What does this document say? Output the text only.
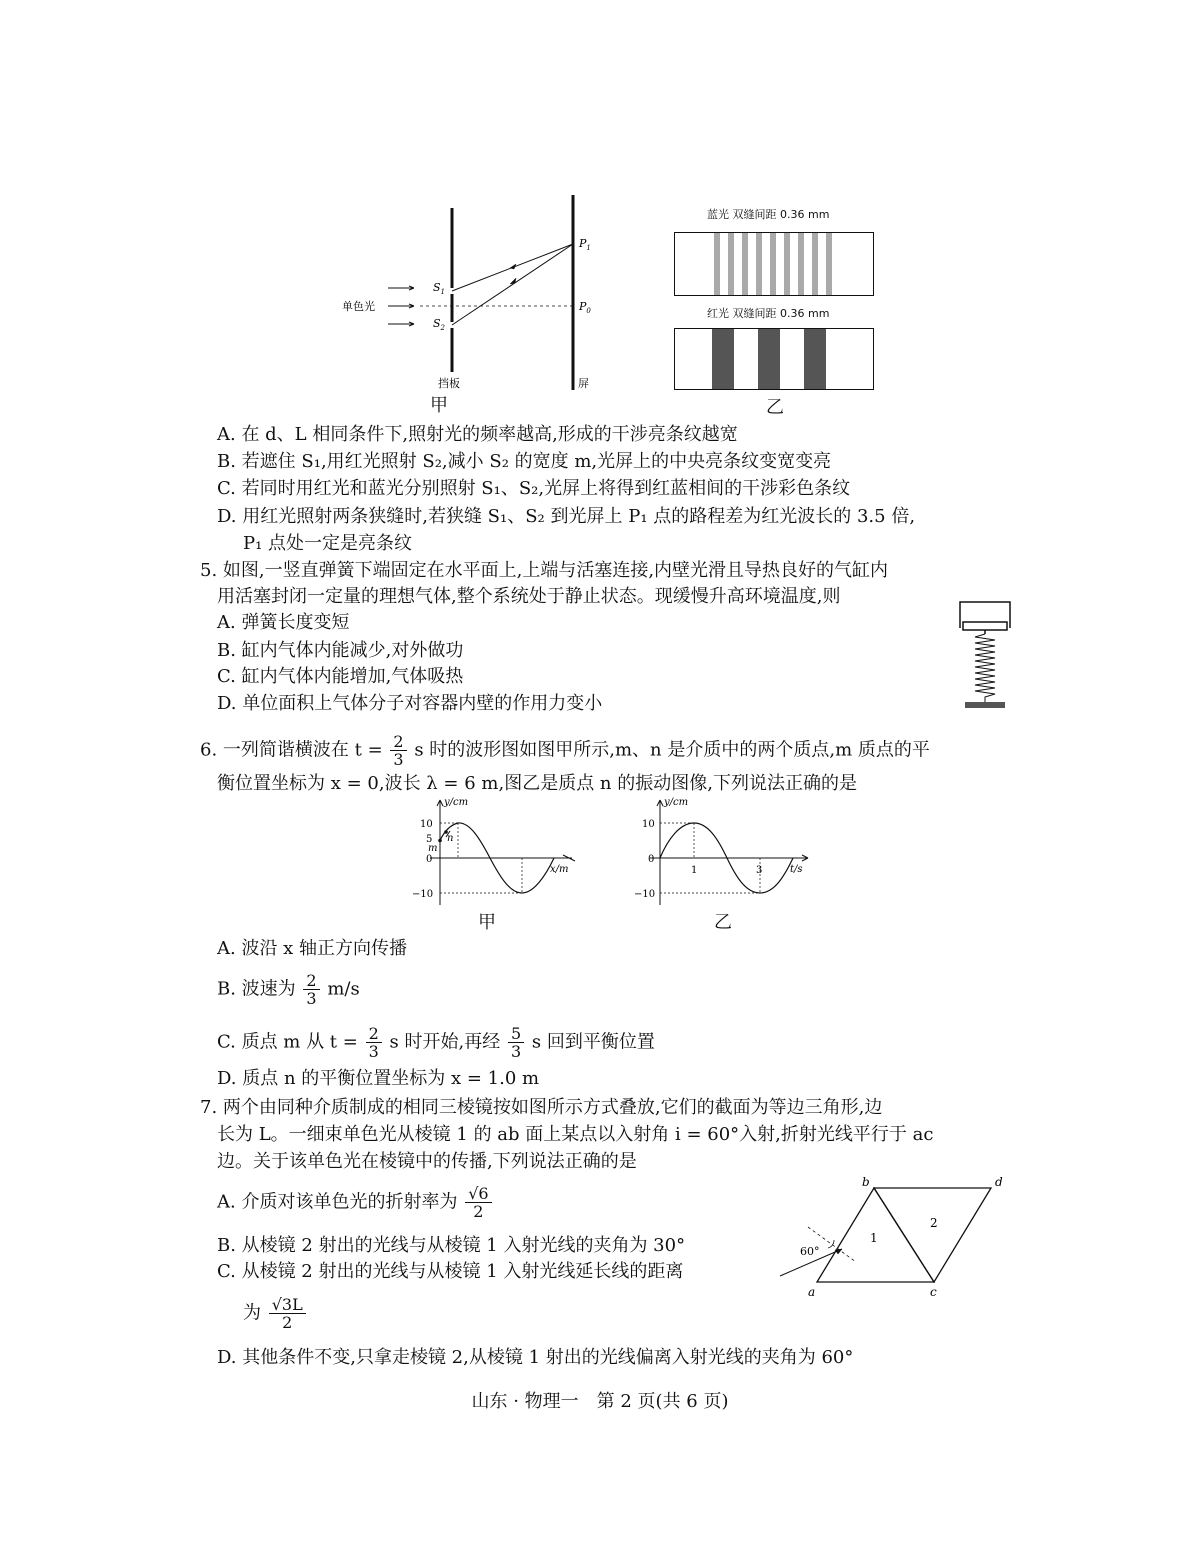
单色光
$S_1$
$S_2$
$P_1$
$P_0$
挡板	屏
甲
蓝光 双缝间距 0.36 mm
红光 双缝间距 0.36 mm
乙
A. 在 d、L 相同条件下,照射光的频率越高,形成的干涉亮条纹越宽
B. 若遮住 S₁,用红光照射 S₂,减小 S₂ 的宽度 m,光屏上的中央亮条纹变宽变亮
C. 若同时用红光和蓝光分别照射 S₁、S₂,光屏上将得到红蓝相间的干涉彩色条纹
D. 用红光照射两条狭缝时,若狭缝 S₁、S₂ 到光屏上 P₁ 点的路程差为红光波长的 3.5 倍,
P₁ 点处一定是亮条纹
5. 如图,一竖直弹簧下端固定在水平面上,上端与活塞连接,内壁光滑且导热良好的气缸内
用活塞封闭一定量的理想气体,整个系统处于静止状态。现缓慢升高环境温度,则
A. 弹簧长度变短
B. 缸内气体内能减少,对外做功
C. 缸内气体内能增加,气体吸热
D. 单位面积上气体分子对容器内壁的作用力变小
6. 一列简谐横波在 $t = \frac{2}{3}$ s 时的波形图如图甲所示,m、n 是介质中的两个质点,m 质点的平
衡位置坐标为 x = 0,波长 λ = 6 m,图乙是质点 n 的振动图像,下列说法正确的是
y/cm
x/m
10
5
0
−10
m
n
甲
y/cm
t/s
10
0
−10
1	3
乙
A. 波沿 x 轴正方向传播
B. 波速为 $\frac{2}{3} m/s$
C. 质点 m 从 $t = \frac{2}{3}$ s 时开始,再经 $\frac{5}{3}$ s 回到平衡位置
D. 质点 n 的平衡位置坐标为 x = 1.0 m
7. 两个由同种介质制成的相同三棱镜按如图所示方式叠放,它们的截面为等边三角形,边
长为 L。一细束单色光从棱镜 1 的 ab 面上某点以入射角 i = 60°入射,折射光线平行于 ac
边。关于该单色光在棱镜中的传播,下列说法正确的是
A. 介质对该单色光的折射率为 $\frac{√6}{2}$
B. 从棱镜 2 射出的光线与从棱镜 1 入射光线的夹角为 30°
C. 从棱镜 2 射出的光线与从棱镜 1 入射光线延长线的距离
为 $\frac{√3L}{2}$
D. 其他条件不变,只拿走棱镜 2,从棱镜 1 射出的光线偏离入射光线的夹角为 60°
a
b
c
d
1
2
60°
山东 · 物理一　第 2 页(共 6 页)
